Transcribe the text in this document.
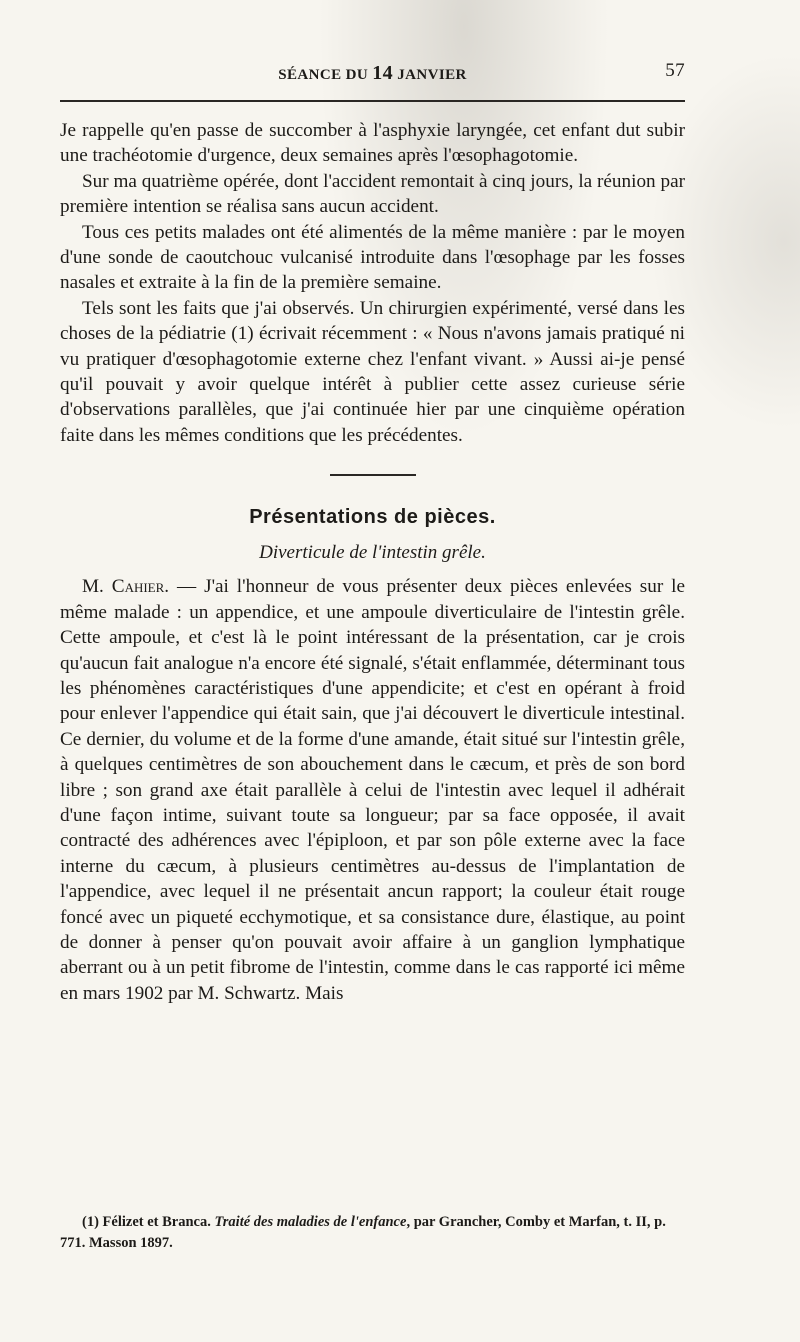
SÉANCE DU 14 JANVIER	57

Je rappelle qu'en passe de succomber à l'asphyxie laryngée, cet enfant dut subir une trachéotomie d'urgence, deux semaines après l'œsophagotomie.

Sur ma quatrième opérée, dont l'accident remontait à cinq jours, la réunion par première intention se réalisa sans aucun accident.

Tous ces petits malades ont été alimentés de la même manière : par le moyen d'une sonde de caoutchouc vulcanisé introduite dans l'œsophage par les fosses nasales et extraite à la fin de la première semaine.

Tels sont les faits que j'ai observés. Un chirurgien expérimenté, versé dans les choses de la pédiatrie (1) écrivait récemment : « Nous n'avons jamais pratiqué ni vu pratiquer d'œsophagotomie externe chez l'enfant vivant. » Aussi ai-je pensé qu'il pouvait y avoir quelque intérêt à publier cette assez curieuse série d'observations parallèles, que j'ai continuée hier par une cinquième opération faite dans les mêmes conditions que les précédentes.

Présentations de pièces.
Diverticule de l'intestin grêle.

M. Cahier. — J'ai l'honneur de vous présenter deux pièces enlevées sur le même malade : un appendice, et une ampoule diverticulaire de l'intestin grêle. Cette ampoule, et c'est là le point intéressant de la présentation, car je crois qu'aucun fait analogue n'a encore été signalé, s'était enflammée, déterminant tous les phénomènes caractéristiques d'une appendicite; et c'est en opérant à froid pour enlever l'appendice qui était sain, que j'ai découvert le diverticule intestinal. Ce dernier, du volume et de la forme d'une amande, était situé sur l'intestin grêle, à quelques centimètres de son abouchement dans le cæcum, et près de son bord libre ; son grand axe était parallèle à celui de l'intestin avec lequel il adhérait d'une façon intime, suivant toute sa longueur; par sa face opposée, il avait contracté des adhérences avec l'épiploon, et par son pôle externe avec la face interne du cæcum, à plusieurs centimètres au-dessus de l'implantation de l'appendice, avec lequel il ne présentait ancun rapport; la couleur était rouge foncé avec un piqueté ecchymotique, et sa consistance dure, élastique, au point de donner à penser qu'on pouvait avoir affaire à un ganglion lymphatique aberrant ou à un petit fibrome de l'intestin, comme dans le cas rapporté ici même en mars 1902 par M. Schwartz. Mais

(1) Félizet et Branca. Traité des maladies de l'enfance, par Grancher, Comby et Marfan, t. II, p. 771. Masson 1897.
